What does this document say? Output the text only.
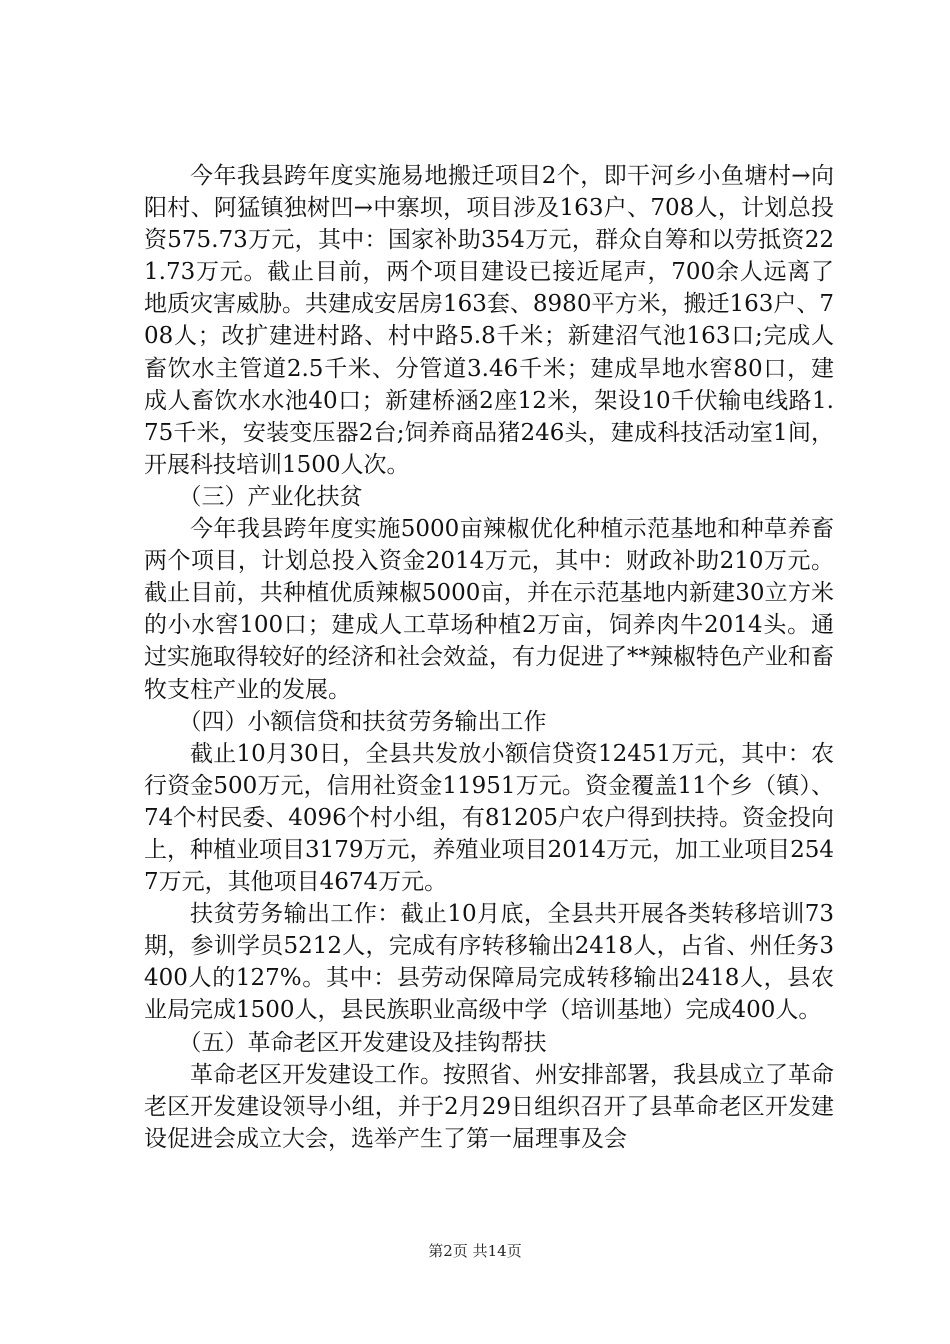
今年我县跨年度实施易地搬迁项目2个，即干河乡小鱼塘村→向阳村、阿猛镇独树凹→中寨坝，项目涉及163户、708人，计划总投资575.73万元，其中：国家补助354万元，群众自筹和以劳抵资221.73万元。截止目前，两个项目建设已接近尾声，700余人远离了地质灾害威胁。共建成安居房163套、8980平方米，搬迁163户、708人；改扩建进村路、村中路5.8千米；新建沼气池163口;完成人畜饮水主管道2.5千米、分管道3.46千米；建成旱地水窖80口，建成人畜饮水水池40口；新建桥涵2座12米，架设10千伏输电线路1.75千米，安装变压器2台;饲养商品猪246头，建成科技活动室1间，开展科技培训1500人次。

（三）产业化扶贫

今年我县跨年度实施5000亩辣椒优化种植示范基地和种草养畜两个项目，计划总投入资金2014万元，其中：财政补助210万元。截止目前，共种植优质辣椒5000亩，并在示范基地内新建30立方米的小水窖100口；建成人工草场种植2万亩，饲养肉牛2014头。通过实施取得较好的经济和社会效益，有力促进了**辣椒特色产业和畜牧支柱产业的发展。

（四）小额信贷和扶贫劳务输出工作

截止10月30日，全县共发放小额信贷资12451万元，其中：农行资金500万元，信用社资金11951万元。资金覆盖11个乡（镇）、74个村民委、4096个村小组，有81205户农户得到扶持。资金投向上，种植业项目3179万元，养殖业项目2014万元，加工业项目2547万元，其他项目4674万元。

扶贫劳务输出工作：截止10月底，全县共开展各类转移培训73期，参训学员5212人，完成有序转移输出2418人，占省、州任务3400人的127%。其中：县劳动保障局完成转移输出2418人，县农业局完成1500人，县民族职业高级中学（培训基地）完成400人。

（五）革命老区开发建设及挂钩帮扶

革命老区开发建设工作。按照省、州安排部署，我县成立了革命老区开发建设领导小组，并于2月29日组织召开了县革命老区开发建设促进会成立大会，选举产生了第一届理事及会

第2页 共14页
